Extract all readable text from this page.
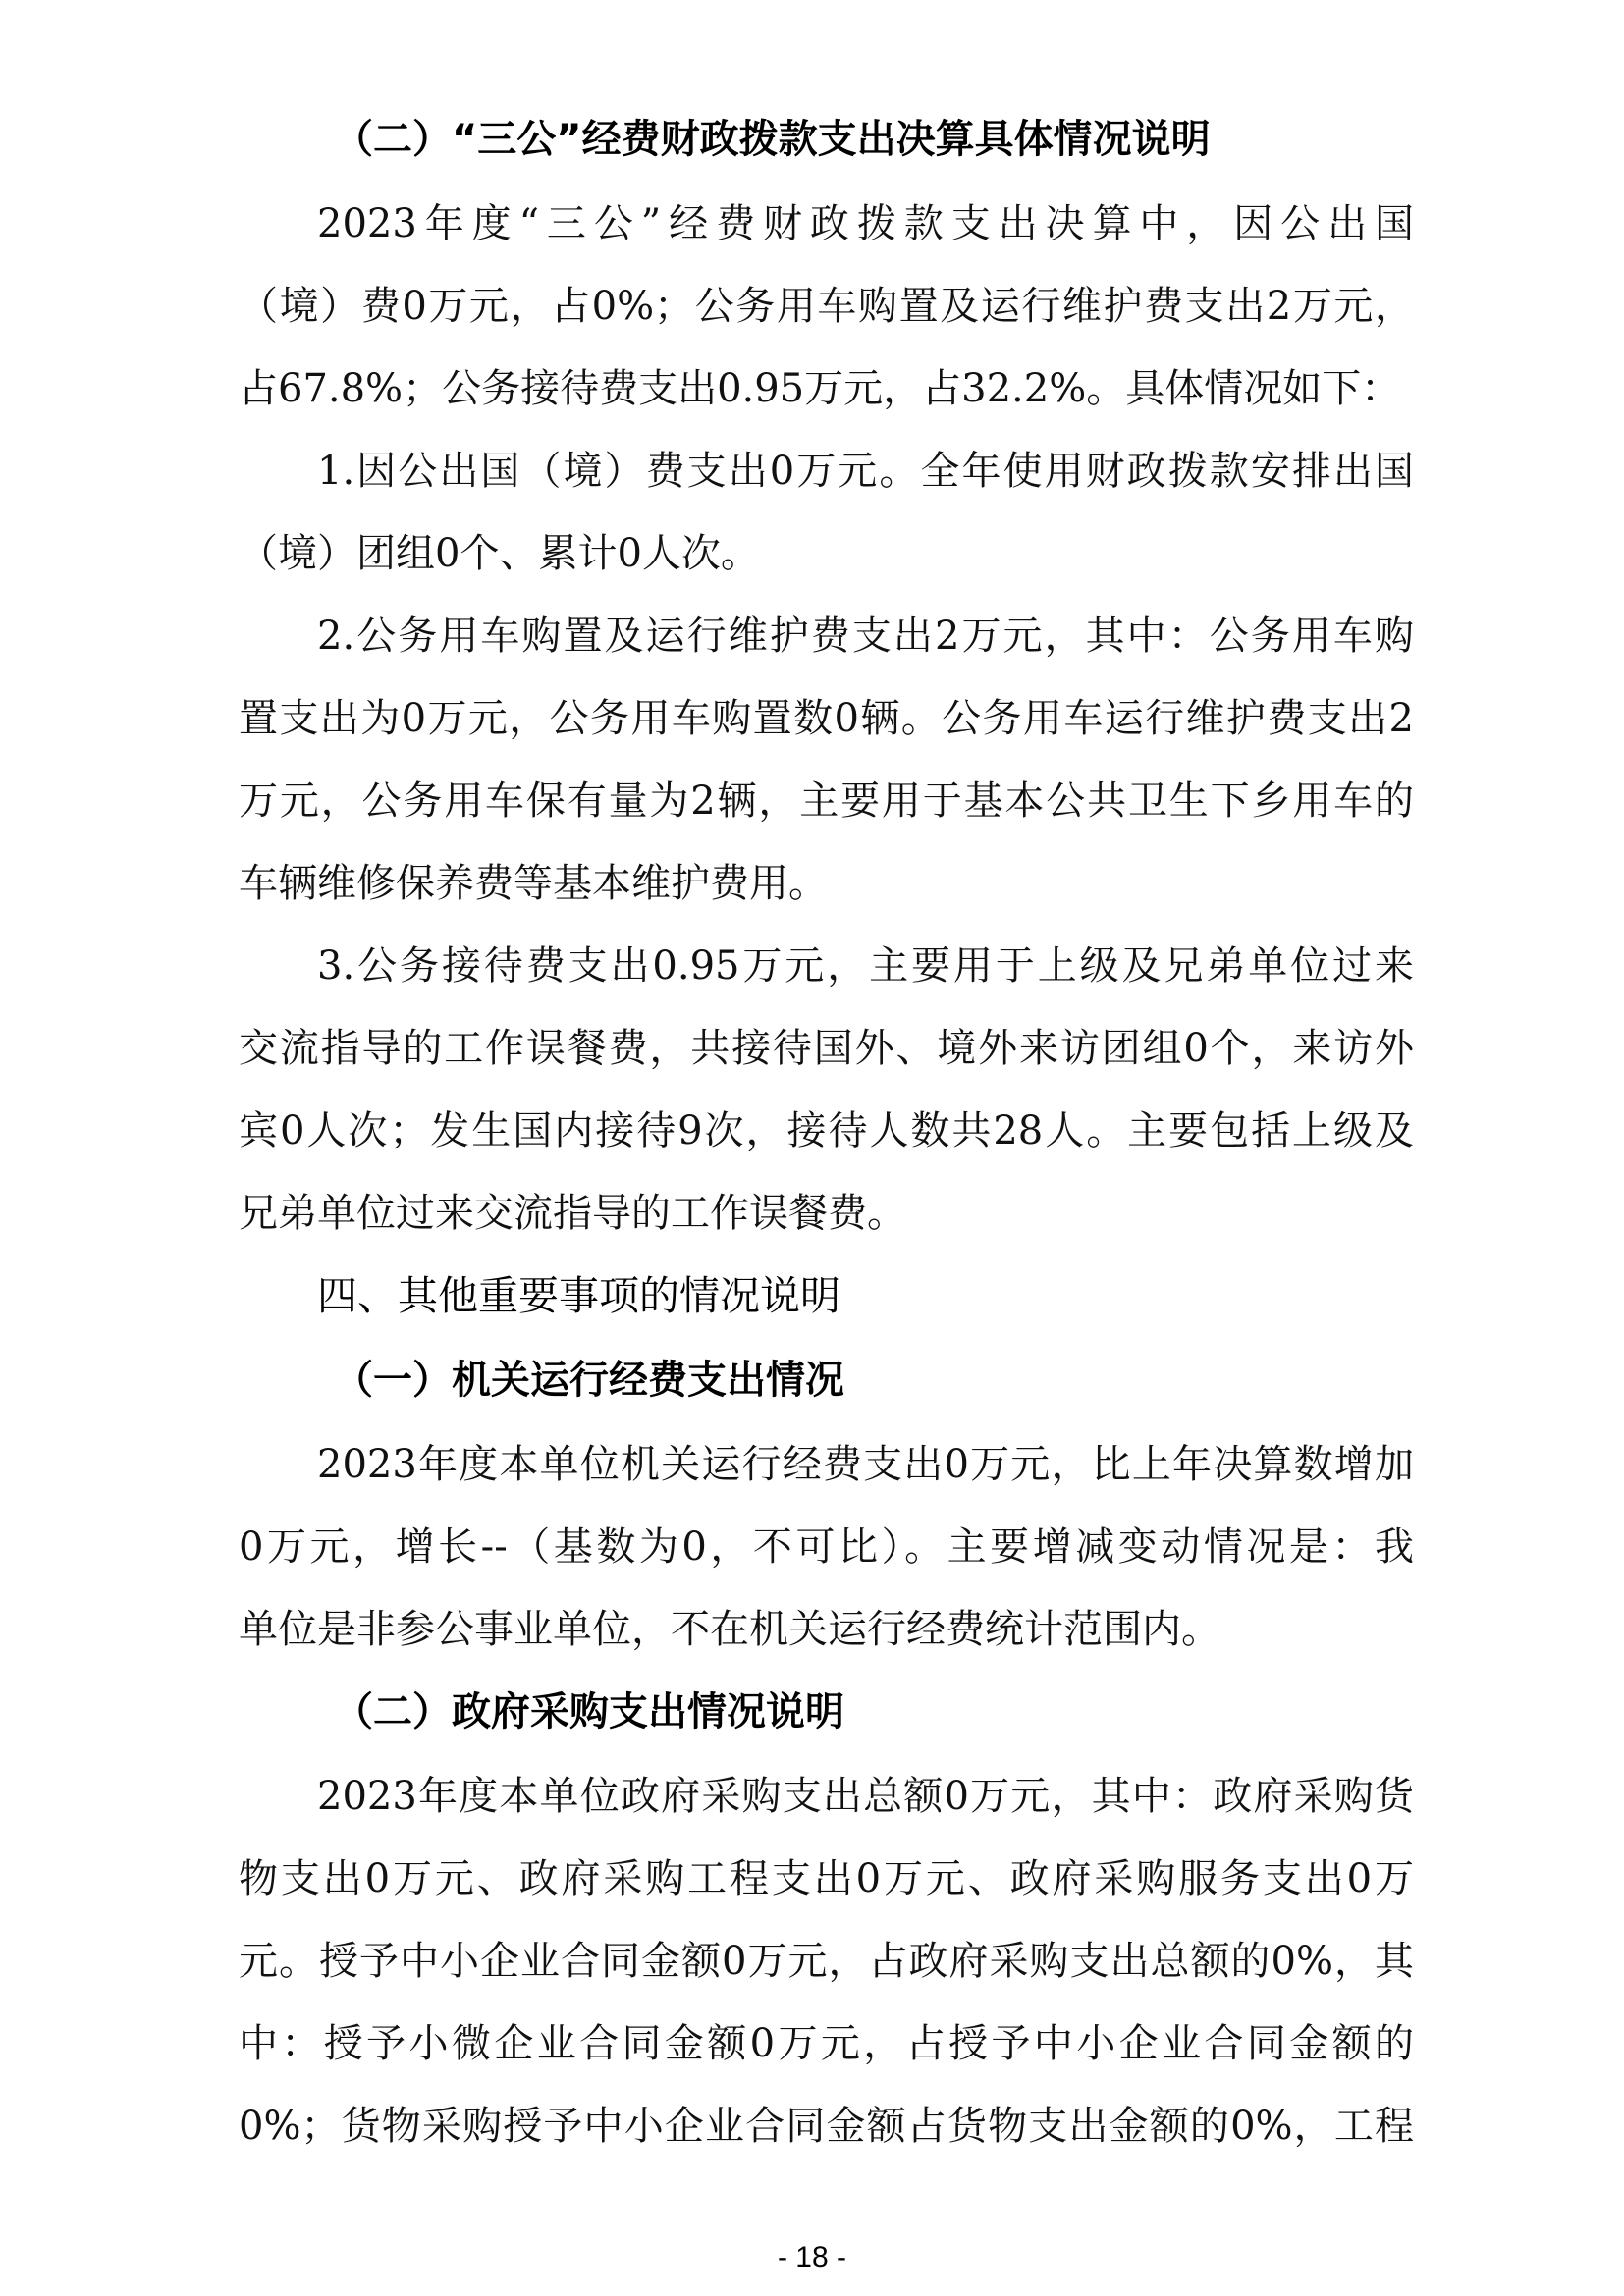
（二）“三公”经费财政拨款支出决算具体情况说明
2023年度“三公”经费财政拨款支出决算中，因公出国
（境）费0万元，占0%；公务用车购置及运行维护费支出2万元，
占67.8%；公务接待费支出0.95万元，占32.2%。具体情况如下：
1.因公出国（境）费支出0万元。全年使用财政拨款安排出国
（境）团组0个、累计0人次。
2.公务用车购置及运行维护费支出2万元，其中：公务用车购
置支出为0万元，公务用车购置数0辆。公务用车运行维护费支出2
万元，公务用车保有量为2辆，主要用于基本公共卫生下乡用车的
车辆维修保养费等基本维护费用。
3.公务接待费支出0.95万元，主要用于上级及兄弟单位过来
交流指导的工作误餐费，共接待国外、境外来访团组0个，来访外
宾0人次；发生国内接待9次，接待人数共28人。主要包括上级及
兄弟单位过来交流指导的工作误餐费。
四、其他重要事项的情况说明
（一）机关运行经费支出情况
2023年度本单位机关运行经费支出0万元，比上年决算数增加
0万元，增长--（基数为0，不可比）。主要增减变动情况是：我
单位是非参公事业单位，不在机关运行经费统计范围内。
（二）政府采购支出情况说明
2023年度本单位政府采购支出总额0万元，其中：政府采购货
物支出0万元、政府采购工程支出0万元、政府采购服务支出0万
元。授予中小企业合同金额0万元，占政府采购支出总额的0%，其
中：授予小微企业合同金额0万元，占授予中小企业合同金额的
0%；货物采购授予中小企业合同金额占货物支出金额的0%，工程
- 18 -
